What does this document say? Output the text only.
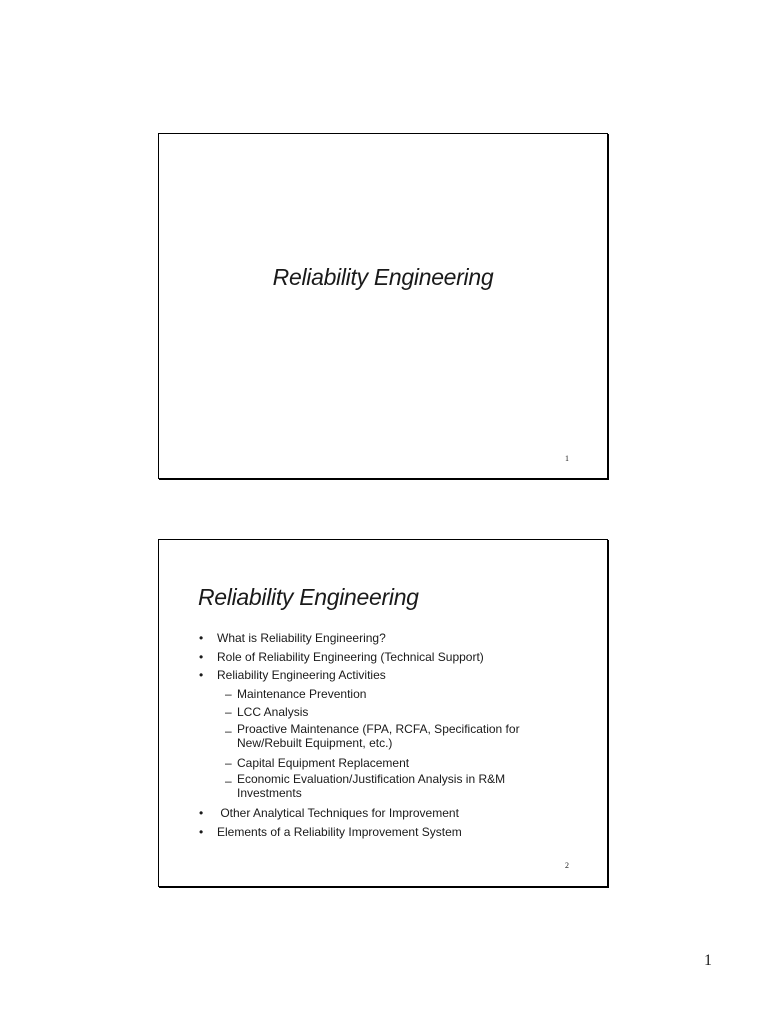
Reliability Engineering
1
Reliability Engineering
• What is Reliability Engineering?
• Role of Reliability Engineering (Technical Support)
• Reliability Engineering Activities
– Maintenance Prevention
– LCC Analysis
– Proactive Maintenance (FPA, RCFA, Specification for New/Rebuilt Equipment, etc.)
– Capital Equipment Replacement
– Economic Evaluation/Justification Analysis in R&M Investments
• Other Analytical Techniques for Improvement
• Elements of a Reliability Improvement System
2
1
